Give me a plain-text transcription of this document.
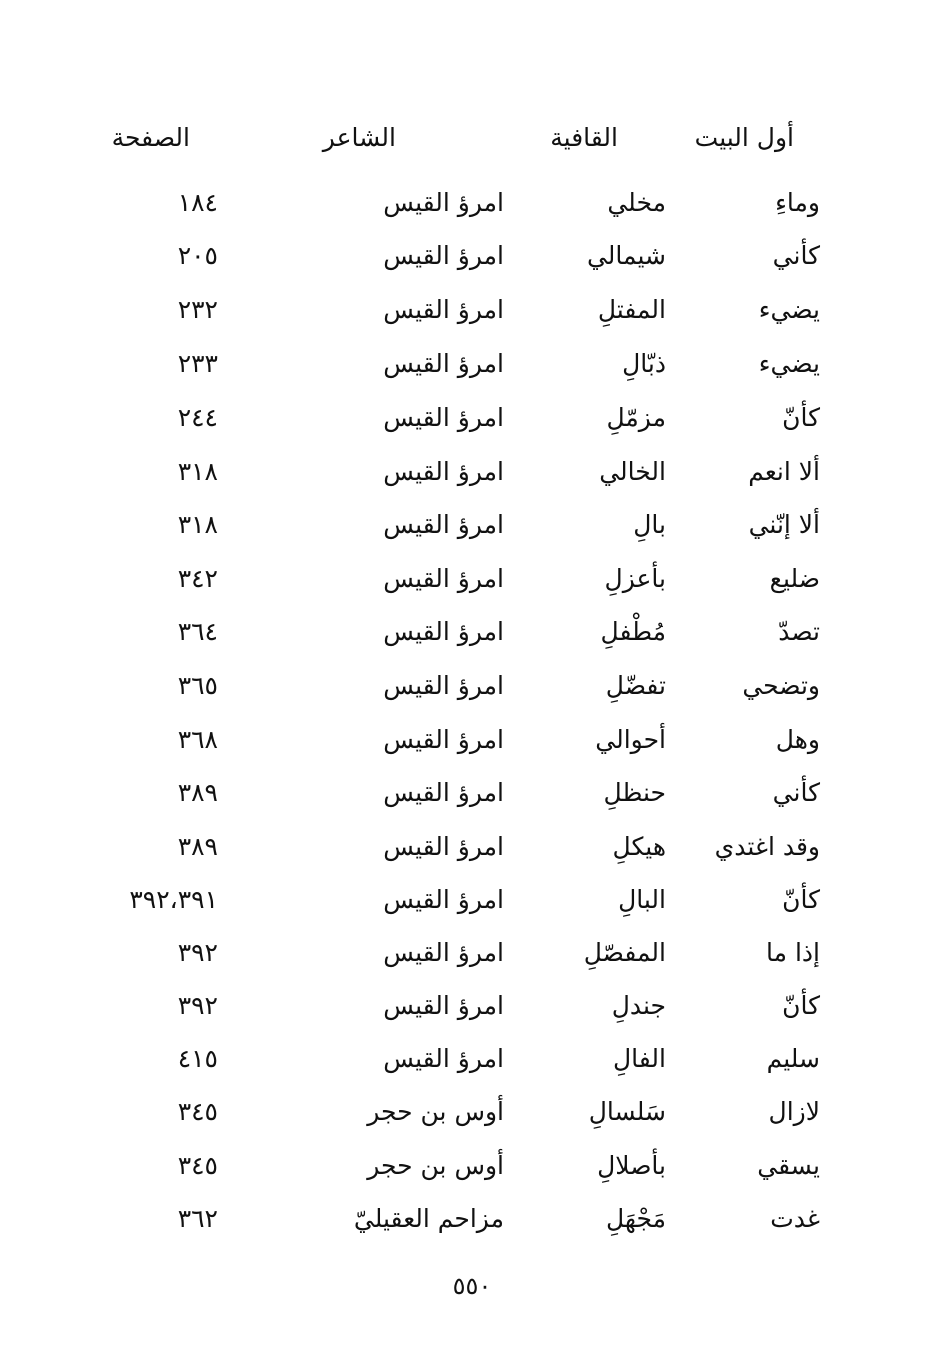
أول البيت
القافية
الشاعر
الصفحة
وماءِ
مخلي
امرؤ القيس
١٨٤
كأني
شيمالي
امرؤ القيس
٢٠٥
يضيء
المفتلِ
امرؤ القيس
٢٣٢
يضيء
ذبّالِ
امرؤ القيس
٢٣٣
كأنّ
مزمّلِ
امرؤ القيس
٢٤٤
ألا انعم
الخالي
امرؤ القيس
٣١٨
ألا إنّني
بالِ
امرؤ القيس
٣١٨
ضليع
بأعزلِ
امرؤ القيس
٣٤٢
تصدّ
مُطْفلِ
امرؤ القيس
٣٦٤
وتضحي
تفضّلِ
امرؤ القيس
٣٦٥
وهل
أحوالي
امرؤ القيس
٣٦٨
كأني
حنظلِ
امرؤ القيس
٣٨٩
وقد اغتدي
هيكلِ
امرؤ القيس
٣٨٩
كأنّ
البالِ
امرؤ القيس
٣٩٢،٣٩١
إذا ما
المفصّلِ
امرؤ القيس
٣٩٢
كأنّ
جندلِ
امرؤ القيس
٣٩٢
سليم
الفالِ
امرؤ القيس
٤١٥
لازال
سَلسالِ
أوس بن حجر
٣٤٥
يسقي
بأصلالِ
أوس بن حجر
٣٤٥
غدت
مَجْهَلِ
مزاحم العقيليّ
٣٦٢
٥٥٠
